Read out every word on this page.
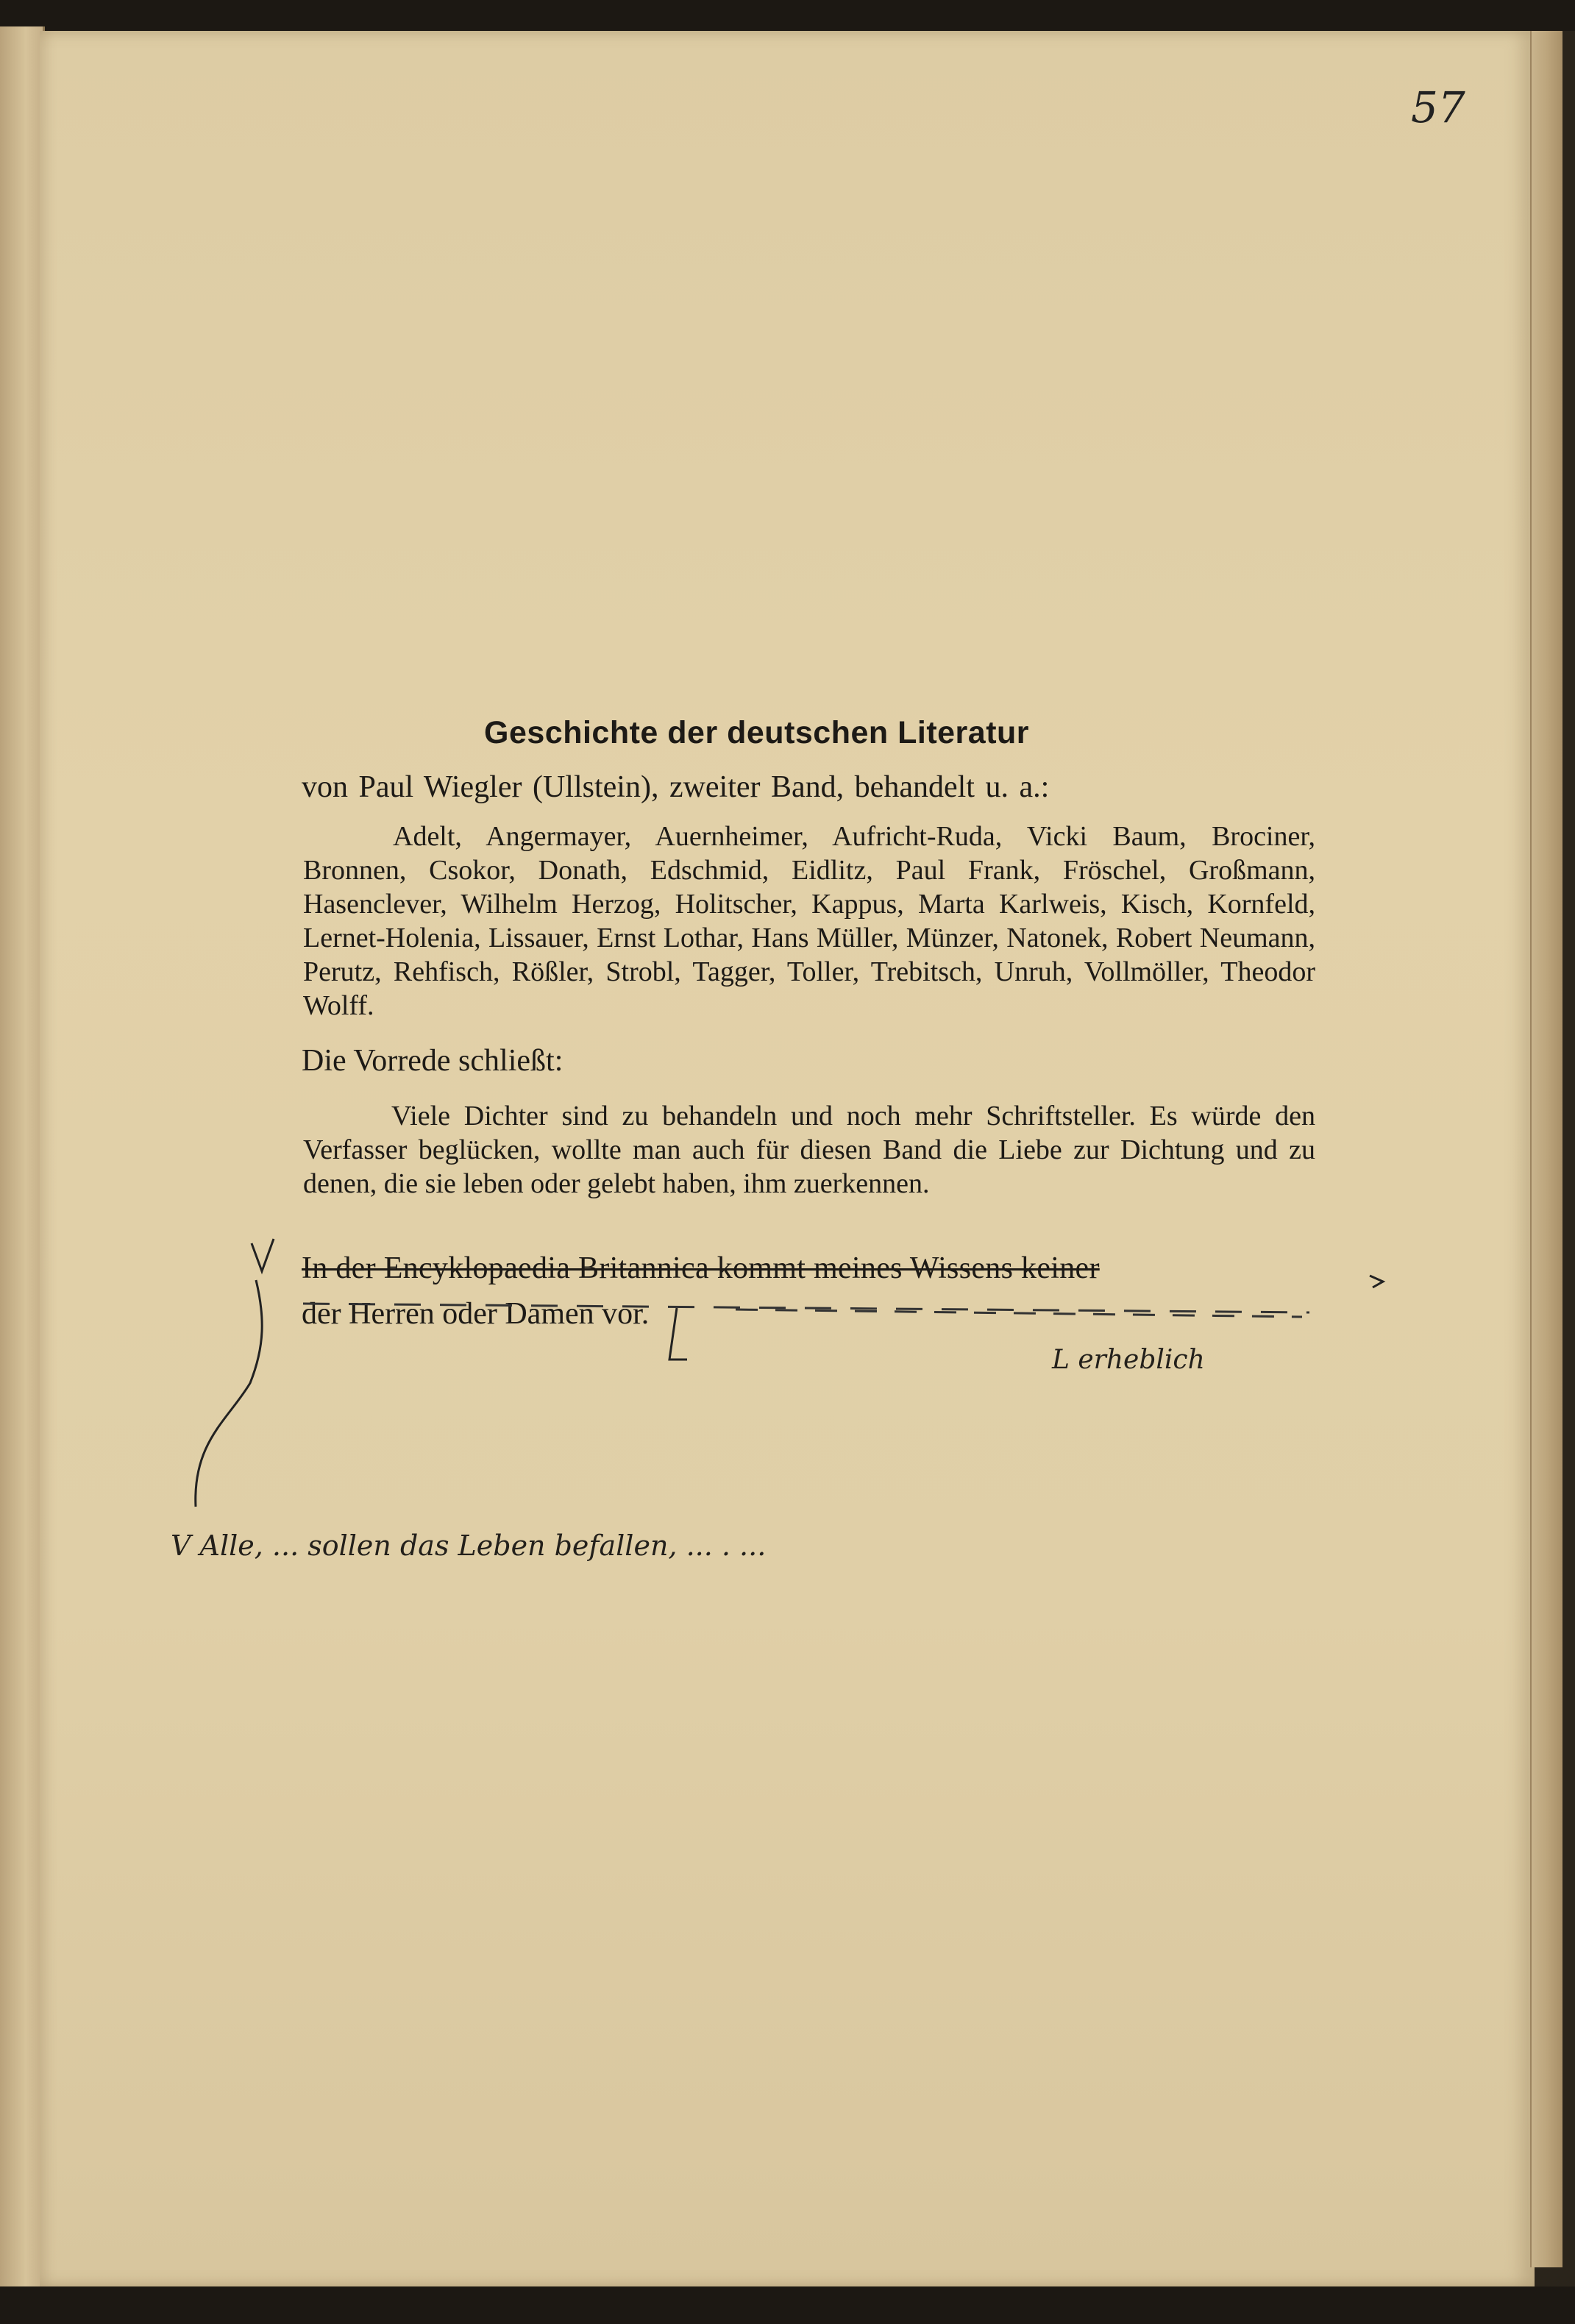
57
Geschichte der deutschen Literatur
von Paul Wiegler (Ullstein), zweiter Band, behandelt u. a.:
Adelt, Angermayer, Auernheimer, Aufricht-Ruda, Vicki Baum, Brociner, Bronnen, Csokor, Donath, Edschmid, Eidlitz, Paul Frank, Fröschel, Großmann, Hasenclever, Wilhelm Herzog, Holitscher, Kappus, Marta Karlweis, Kisch, Kornfeld, Lernet-Holenia, Lissauer, Ernst Lothar, Hans Müller, Münzer, Natonek, Robert Neumann, Perutz, Rehfisch, Rößler, Strobl, Tagger, Toller, Trebitsch, Unruh, Vollmöller, Theodor Wolff.
Die Vorrede schließt:
Viele Dichter sind zu behandeln und noch mehr Schriftsteller. Es würde den Verfasser beglücken, wollte man auch für diesen Band die Liebe zur Dichtung und zu denen, die sie leben oder gelebt haben, ihm zuerkennen.
In der Encyklopaedia Britannica kommt meines Wissens keiner
der Herren oder Damen vor.
L erheblich
V Alle, ... sollen das Leben befallen, ... . ...
